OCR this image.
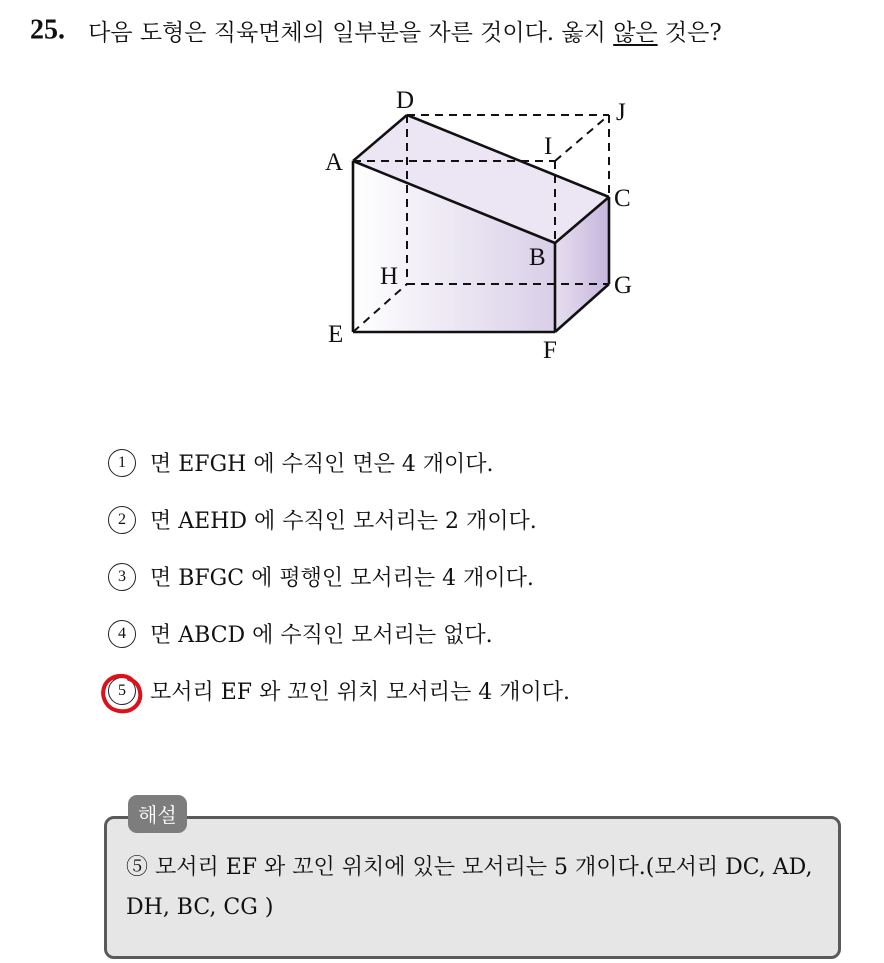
25. 다음 도형은 직육면체의 일부분을 자른 것이다. 옳지 않은 것은?
D	J
A
I
C
B
H	G
E
F
1 면 EFGH 에 수직인 면은 4 개이다.
2 면 AEHD 에 수직인 모서리는 2 개이다.
3 면 BFGC 에 평행인 모서리는 4 개이다.
4 면 ABCD 에 수직인 모서리는 없다.
5 모서리 EF 와 꼬인 위치 모서리는 4 개이다.
해설
⑤ 모서리 EF 와 꼬인 위치에 있는 모서리는 5 개이다.(모서리 DC, AD, DH, BC, CG )
